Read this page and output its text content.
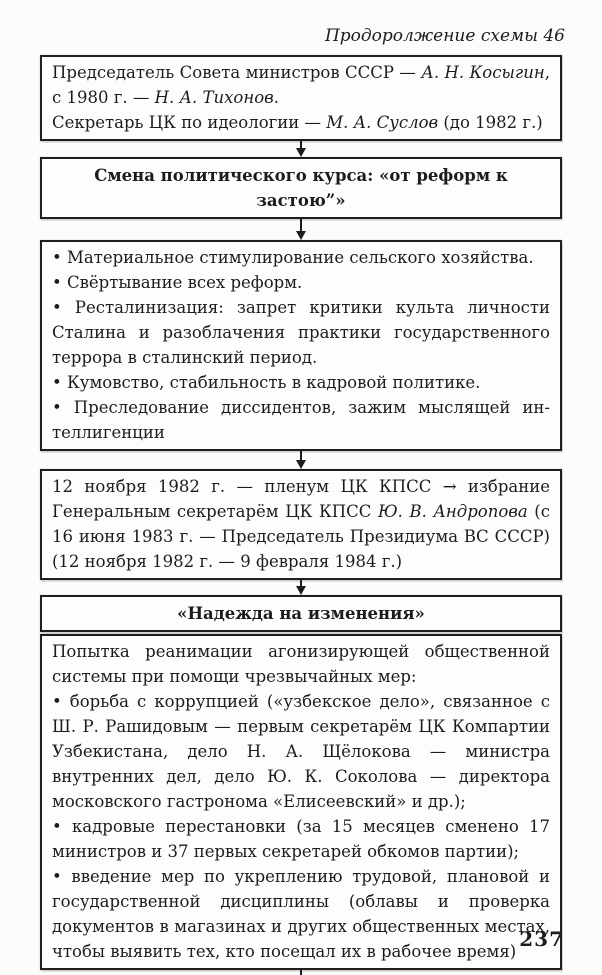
Продоролжение схемы 46
Председатель Совета министров СССР — А. Н. Косыгин, с 1980 г. — Н. А. Тихонов.
Секретарь ЦК по идеологии — М. А. Суслов (до 1982 г.)
Смена политического курса: «от реформ к застою”»
• Материальное стимулирование сельского хозяйства.
• Свёртывание всех реформ.
• Ресталинизация: запрет критики культа личности Сталина и разоблачения практики государственного террора в сталинский период.
• Кумовство, стабильность в кадровой политике.
• Преследование диссидентов, зажим мыслящей интеллигенции
12 ноября 1982 г. — пленум ЦК КПСС → избрание Генеральным секретарём ЦК КПСС Ю. В. Андропова (с 16 июня 1983 г. — Председатель Президиума ВС СССР) (12 ноября 1982 г. — 9 февраля 1984 г.)
«Надежда на изменения»
Попытка реанимации агонизирующей общественной системы при помощи чрезвычайных мер:
• борьба с коррупцией («узбекское дело», связанное с Ш. Р. Рашидовым — первым секретарём ЦК Компартии Узбекистана, дело Н. А. Щёлокова — министра внутренних дел, дело Ю. К. Соколова — директора московского гастронома «Елисеевский» и др.);
• кадровые перестановки (за 15 месяцев сменено 17 министров и 37 первых секретарей обкомов партии);
• введение мер по укреплению трудовой, плановой и государственной дисциплины (облавы и проверка документов в магазинах и других общественных местах, чтобы выявить тех, кто посещал их в рабочее время)
237
